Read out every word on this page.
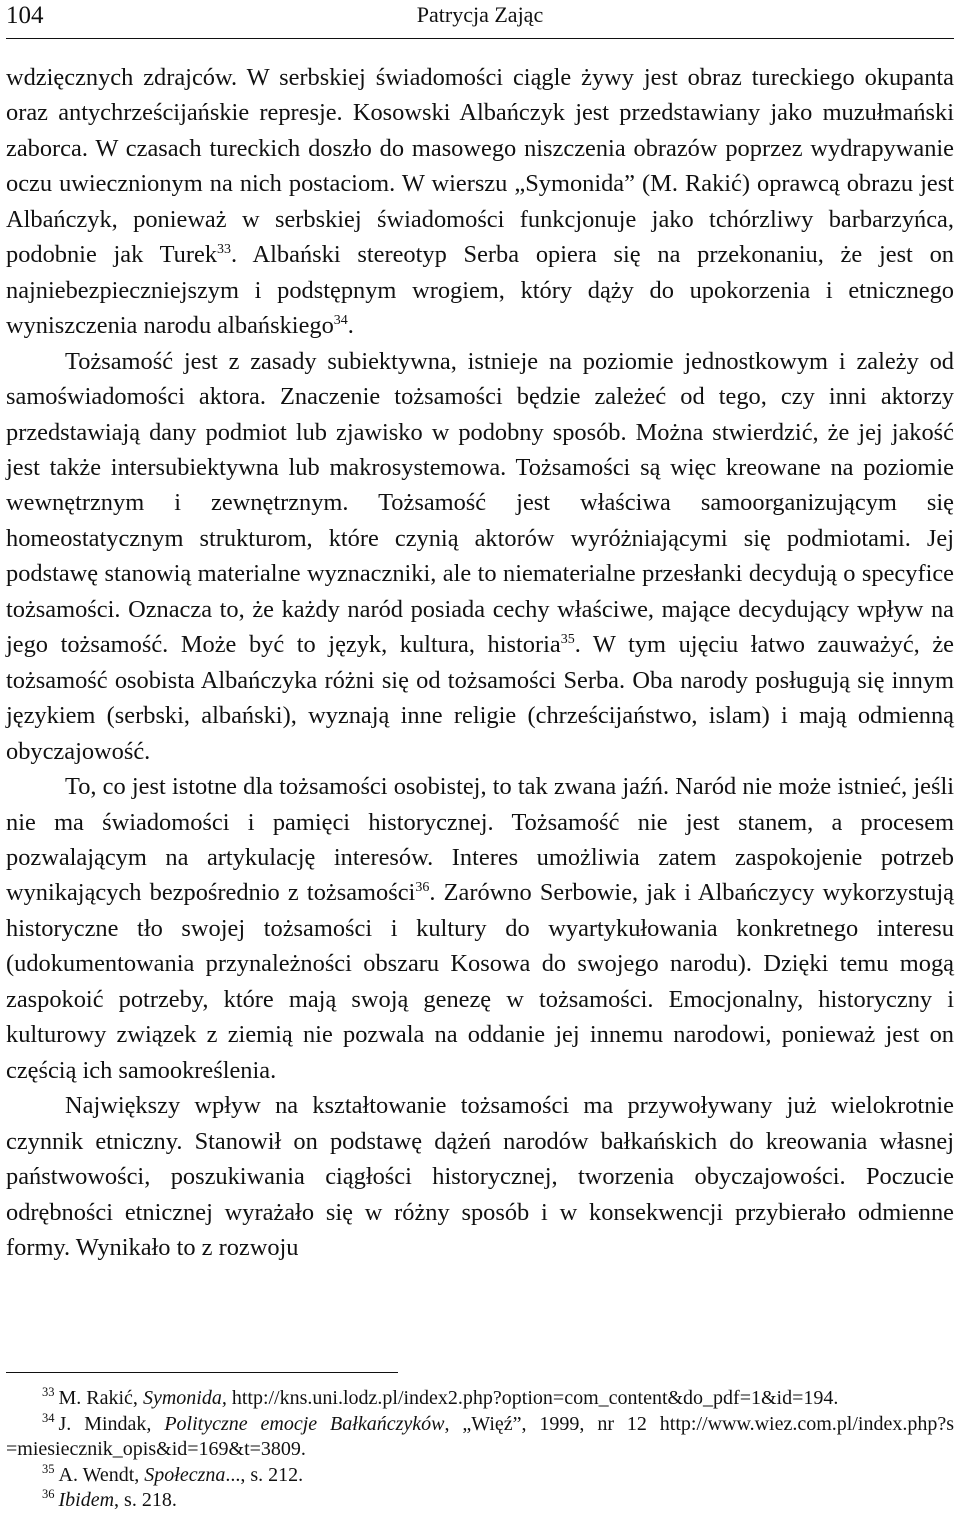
104	Patrycja Zając

wdzięcznych zdrajców. W serbskiej świadomości ciągle żywy jest obraz tureckiego okupanta oraz antychrześcijańskie represje. Kosowski Albańczyk jest przedstawiany jako muzułmański zaborca. W czasach tureckich doszło do masowego niszczenia obrazów poprzez wydrapywanie oczu uwiecznionym na nich postaciom. W wierszu „Symonida” (M. Rakić) oprawcą obrazu jest Albańczyk, ponieważ w serbskiej świadomości funkcjonuje jako tchórzliwy barbarzyńca, podobnie jak Turek$^{33}$. Albański stereotyp Serba opiera się na przekonaniu, że jest on najniebezpieczniejszym i podstępnym wrogiem, który dąży do upokorzenia i etnicznego wyniszczenia narodu albańskiego$^{34}$.

Tożsamość jest z zasady subiektywna, istnieje na poziomie jednostkowym i zależy od samoświadomości aktora. Znaczenie tożsamości będzie zależeć od tego, czy inni aktorzy przedstawiają dany podmiot lub zjawisko w podobny sposób. Można stwierdzić, że jej jakość jest także intersubiektywna lub makrosystemowa. Tożsamości są więc kreowane na poziomie wewnętrznym i zewnętrznym. Tożsamość jest właściwa samoorganizującym się homeostatycznym strukturom, które czynią aktorów wyróżniającymi się podmiotami. Jej podstawę stanowią materialne wyznaczniki, ale to niematerialne przesłanki decydują o specyfice tożsamości. Oznacza to, że każdy naród posiada cechy właściwe, mające decydujący wpływ na jego tożsamość. Może być to język, kultura, historia$^{35}$. W tym ujęciu łatwo zauważyć, że tożsamość osobista Albańczyka różni się od tożsamości Serba. Oba narody posługują się innym językiem (serbski, albański), wyznają inne religie (chrześcijaństwo, islam) i mają odmienną obyczajowość.

To, co jest istotne dla tożsamości osobistej, to tak zwana jaźń. Naród nie może istnieć, jeśli nie ma świadomości i pamięci historycznej. Tożsamość nie jest stanem, a procesem pozwalającym na artykulację interesów. Interes umożliwia zatem zaspokojenie potrzeb wynikających bezpośrednio z tożsamości$^{36}$. Zarówno Serbowie, jak i Albańczycy wykorzystują historyczne tło swojej tożsamości i kultury do wyartykułowania konkretnego interesu (udokumentowania przynależności obszaru Kosowa do swojego narodu). Dzięki temu mogą zaspokoić potrzeby, które mają swoją genezę w tożsamości. Emocjonalny, historyczny i kulturowy związek z ziemią nie pozwala na oddanie jej innemu narodowi, ponieważ jest on częścią ich samookreślenia.

Największy wpływ na kształtowanie tożsamości ma przywoływany już wielokrotnie czynnik etniczny. Stanowił on podstawę dążeń narodów bałkańskich do kreowania własnej państwowości, poszukiwania ciągłości historycznej, tworzenia obyczajowości. Poczucie odrębności etnicznej wyrażało się w różny sposób i w konsekwencji przybierało odmienne formy. Wynikało to z rozwoju

$^{33}$ M. Rakić, Symonida, http://kns.uni.lodz.pl/index2.php?option=com_content&do_pdf=1&id=194.

$^{34}$ J. Mindak, Polityczne emocje Bałkańczyków, „Więź”, 1999, nr 12 http://www.wiez.com.pl/index.php?s =miesiecznik_opis&id=169&t=3809.

$^{35}$ A. Wendt, Społeczna..., s. 212.

$^{36}$ Ibidem, s. 218.
